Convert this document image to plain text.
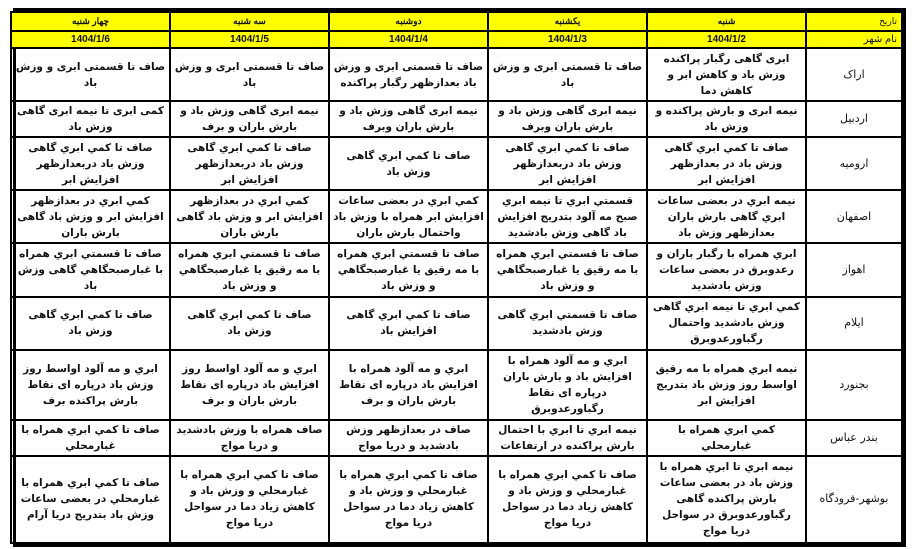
تاریخ	شنبه	یکشنبه	دوشنبه	سه شنبه	چهار شنبه
نام شهر	1404/1/2	1404/1/3	1404/1/4	1404/1/5	1404/1/6
اراک	ابری گاهی رگبار پراکنده وزش باد و کاهش ابر و کاهش دما	صاف تا قسمتی ابری و وزش باد	صاف تا قسمتی ابری و وزش باد بعدازظهر رگبار پراکنده	صاف تا قسمتی ابری و وزش باد	صاف تا قسمتی ابری و وزش باد
اردبیل	نیمه ابری و بارش پراکنده و وزش باد	نیمه ابری گاهی وزش باد و بارش باران وبرف	نیمه ابری گاهی وزش باد و بارش باران وبرف	نیمه ابری گاهی وزش باد و بارش باران و برف	کمی ابری تا نیمه ابری گاهی وزش باد
ارومیه	صاف تا کمي ابري گاهی وزش باد در بعدازظهر افزایش ابر	صاف تا کمي ابري گاهی وزش باد دربعدازظهر افزایش ابر	صاف تا کمي ابري گاهی وزش باد	صاف تا کمي ابري گاهی وزش باد دربعدازظهر افزایش ابر	صاف تا کمي ابري گاهی وزش باد دربعدازظهر افزایش ابر
اصفهان	نیمه ابري در بعضی ساعات ابري گاهی بارش باران بعدازظهر وزش باد	قسمتي ابري تا نیمه ابري صبح مه آلود بتدریج افزایش باد گاهی وزش بادشدید	کمي ابري در بعضی ساعات افزایش ابر همراه با وزش باد واحتمال بارش باران	کمي ابري در بعدازظهر افزایش ابر و وزش باد گاهی بارش باران	کمي ابري در بعدازظهر افزایش ابر و وزش باد گاهی بارش باران
اهواز	ابري همراه با رگبار باران و رعدوبرق در بعضی ساعات وزش بادشدید	صاف تا قسمتي ابري همراه با مه رقیق یا غبارصبحگاهي و وزش باد	صاف تا قسمتي ابري همراه با مه رقیق یا غبارصبحگاهي و وزش باد	صاف تا قسمتي ابري همراه با مه رقیق یا غبارصبحگاهي و وزش باد	صاف تا قسمتي ابري همراه با غبارصبحگاهي گاهی وزش باد
ایلام	کمي ابري تا نیمه ابري گاهی وزش بادشدید واحتمال رگباورعدوبرق	صاف تا قسمتي ابري گاهی وزش بادشدید	صاف تا کمي ابري گاهی افزایش باد	صاف تا کمي ابري گاهی وزش باد	صاف تا کمي ابري گاهی وزش باد
بجنورد	نیمه ابري همراه با مه رقیق اواسط روز وزش باد بتدریج افزایش ابر	ابري و مه آلود همراه با افزایش باد و بارش باران درپاره ای نقاط رگباورعدوبرق	ابري و مه آلود همراه با افزایش باد درپاره ای نقاط بارش باران و برف	ابري و مه آلود اواسط روز افزایش باد درپاره ای نقاط بارش باران و برف	ابري و مه آلود اواسط روز وزش باد درپاره ای نقاط بارش پراکنده برف
بندر عباس	کمي ابري همراه با غبارمحلي	نیمه ابري تا ابري با احتمال بارش پراکنده در ارتفاعات	صاف در بعدازظهر وزش بادشدید و دریا مواج	صاف همراه با وزش بادشدید و دریا مواج	صاف تا کمي ابري همراه با غبارمحلي
بوشهر-فرودگاه	نیمه ابري تا ابري همراه با وزش باد در بعضی ساعات بارش پراکنده گاهی رگباورعدوبرق در سواحل دریا مواج	صاف تا کمي ابري همراه با غبارمحلي و وزش باد و کاهش زیاد دما در سواحل دریا مواج	صاف تا کمي ابري همراه با غبارمحلي و وزش باد و کاهش زیاد دما در سواحل دریا مواج	صاف تا کمي ابري همراه با غبارمحلي و وزش باد و کاهش زیاد دما در سواحل دریا مواج	صاف تا کمي ابري همراه با غبارمحلي در بعضی ساعات وزش باد بتدریج دریا آرام
